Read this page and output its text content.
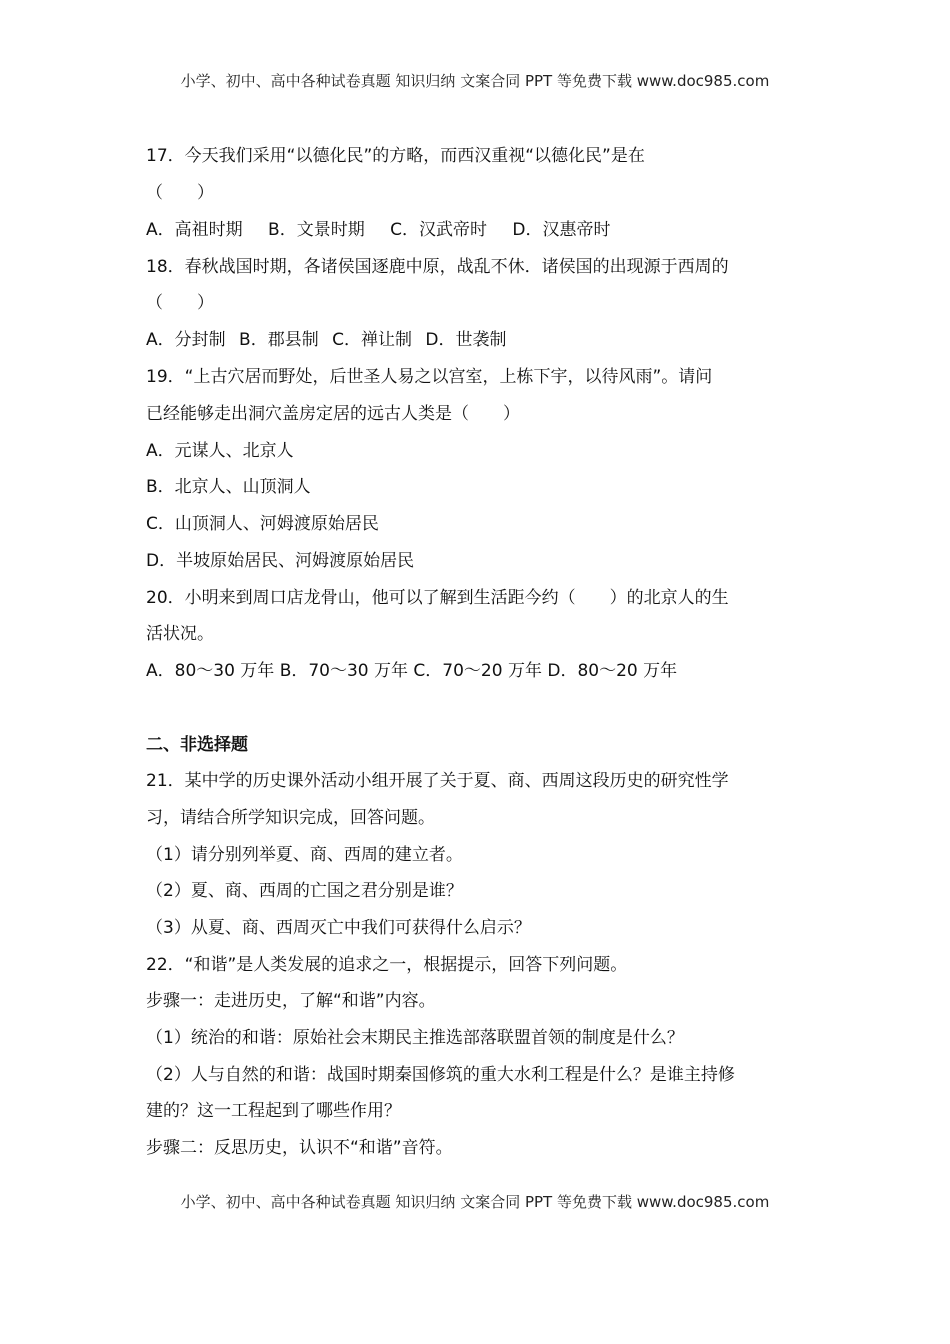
小学、初中、高中各种试卷真题 知识归纳 文案合同 PPT 等免费下载 www.doc985.com
17．今天我们采用“以德化民”的方略，而西汉重视“以德化民”是在
（　　）
A．高祖时期 B．文景时期 C．汉武帝时 D．汉惠帝时
18．春秋战国时期，各诸侯国逐鹿中原，战乱不休．诸侯国的出现源于西周的
（　　）
A．分封制 B．郡县制 C．禅让制 D．世袭制
19．“上古穴居而野处，后世圣人易之以宫室，上栋下宇，以待风雨”。请问
已经能够走出洞穴盖房定居的远古人类是（　　）
A．元谋人、北京人
B．北京人、山顶洞人
C．山顶洞人、河姆渡原始居民
D．半坡原始居民、河姆渡原始居民
20．小明来到周口店龙骨山，他可以了解到生活距今约（　　）的北京人的生
活状况。
A．80～30 万年 B．70～30 万年 C．70～20 万年 D．80～20 万年
二、非选择题
21．某中学的历史课外活动小组开展了关于夏、商、西周这段历史的研究性学
习，请结合所学知识完成，回答问题。
（1）请分别列举夏、商、西周的建立者。
（2）夏、商、西周的亡国之君分别是谁？
（3）从夏、商、西周灭亡中我们可获得什么启示？
22．“和谐”是人类发展的追求之一，根据提示，回答下列问题。
步骤一：走进历史，了解“和谐”内容。
（1）统治的和谐：原始社会末期民主推选部落联盟首领的制度是什么？
（2）人与自然的和谐：战国时期秦国修筑的重大水利工程是什么？是谁主持修
建的？这一工程起到了哪些作用？
步骤二：反思历史，认识不“和谐”音符。
小学、初中、高中各种试卷真题 知识归纳 文案合同 PPT 等免费下载 www.doc985.com
